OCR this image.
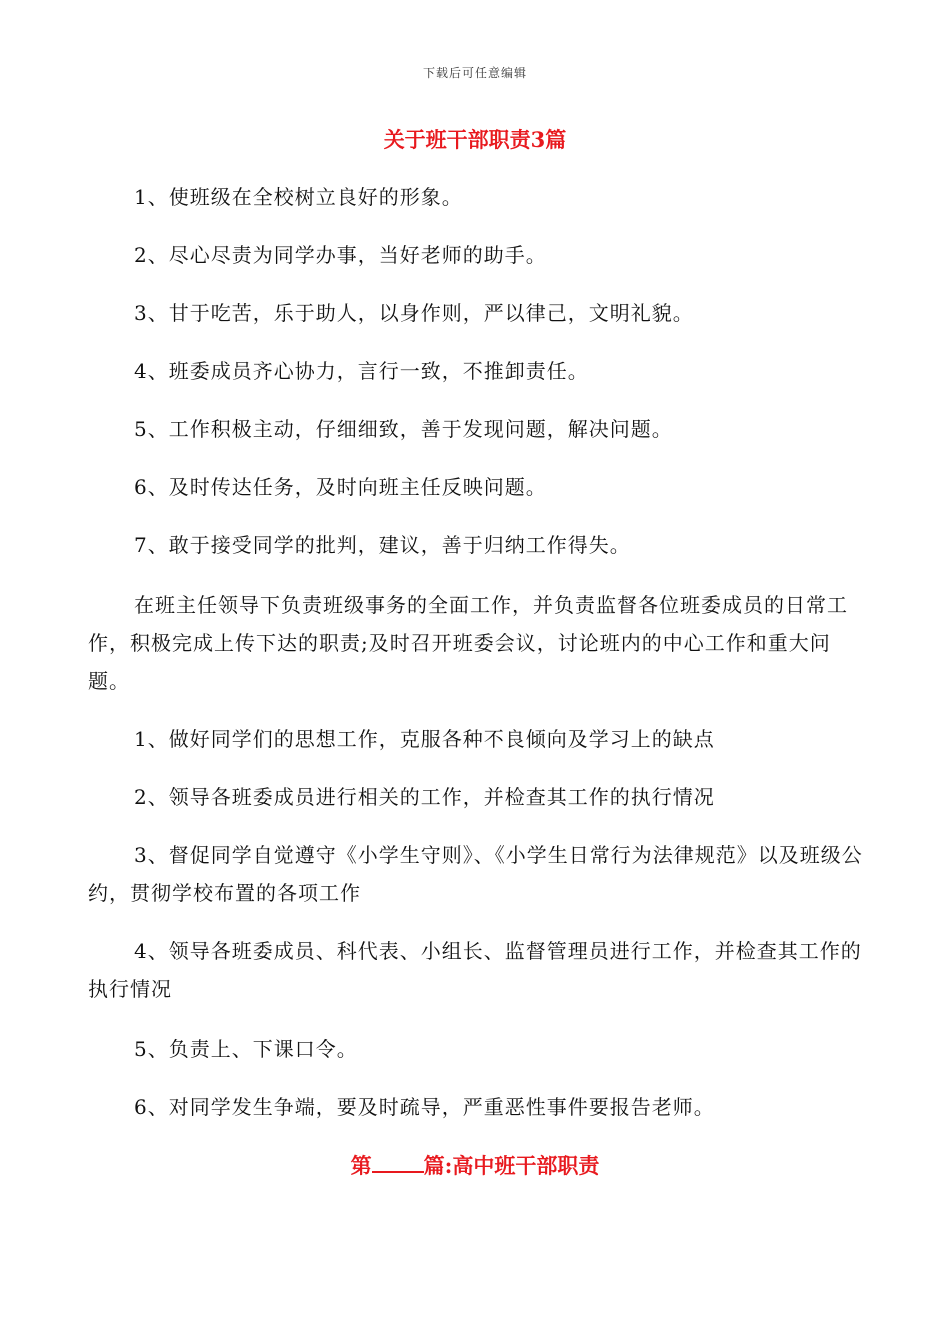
下载后可任意编辑
关于班干部职责3篇

1、使班级在全校树立良好的形象。

2、尽心尽责为同学办事，当好老师的助手。

3、甘于吃苦，乐于助人，以身作则，严以律己，文明礼貌。

4、班委成员齐心协力，言行一致，不推卸责任。

5、工作积极主动，仔细细致，善于发现问题，解决问题。

6、及时传达任务，及时向班主任反映问题。

7、敢于接受同学的批判，建议，善于归纳工作得失。

在班主任领导下负责班级事务的全面工作，并负责监督各位班委成员的日常工作，积极完成上传下达的职责;及时召开班委会议，讨论班内的中心工作和重大问题。

1、做好同学们的思想工作，克服各种不良倾向及学习上的缺点

2、领导各班委成员进行相关的工作，并检查其工作的执行情况

3、督促同学自觉遵守《小学生守则》、《小学生日常行为法律规范》以及班级公约，贯彻学校布置的各项工作

4、领导各班委成员、科代表、小组长、监督管理员进行工作，并检查其工作的执行情况

5、负责上、下课口令。

6、对同学发生争端，要及时疏导，严重恶性事件要报告老师。

第 篇:高中班干部职责
